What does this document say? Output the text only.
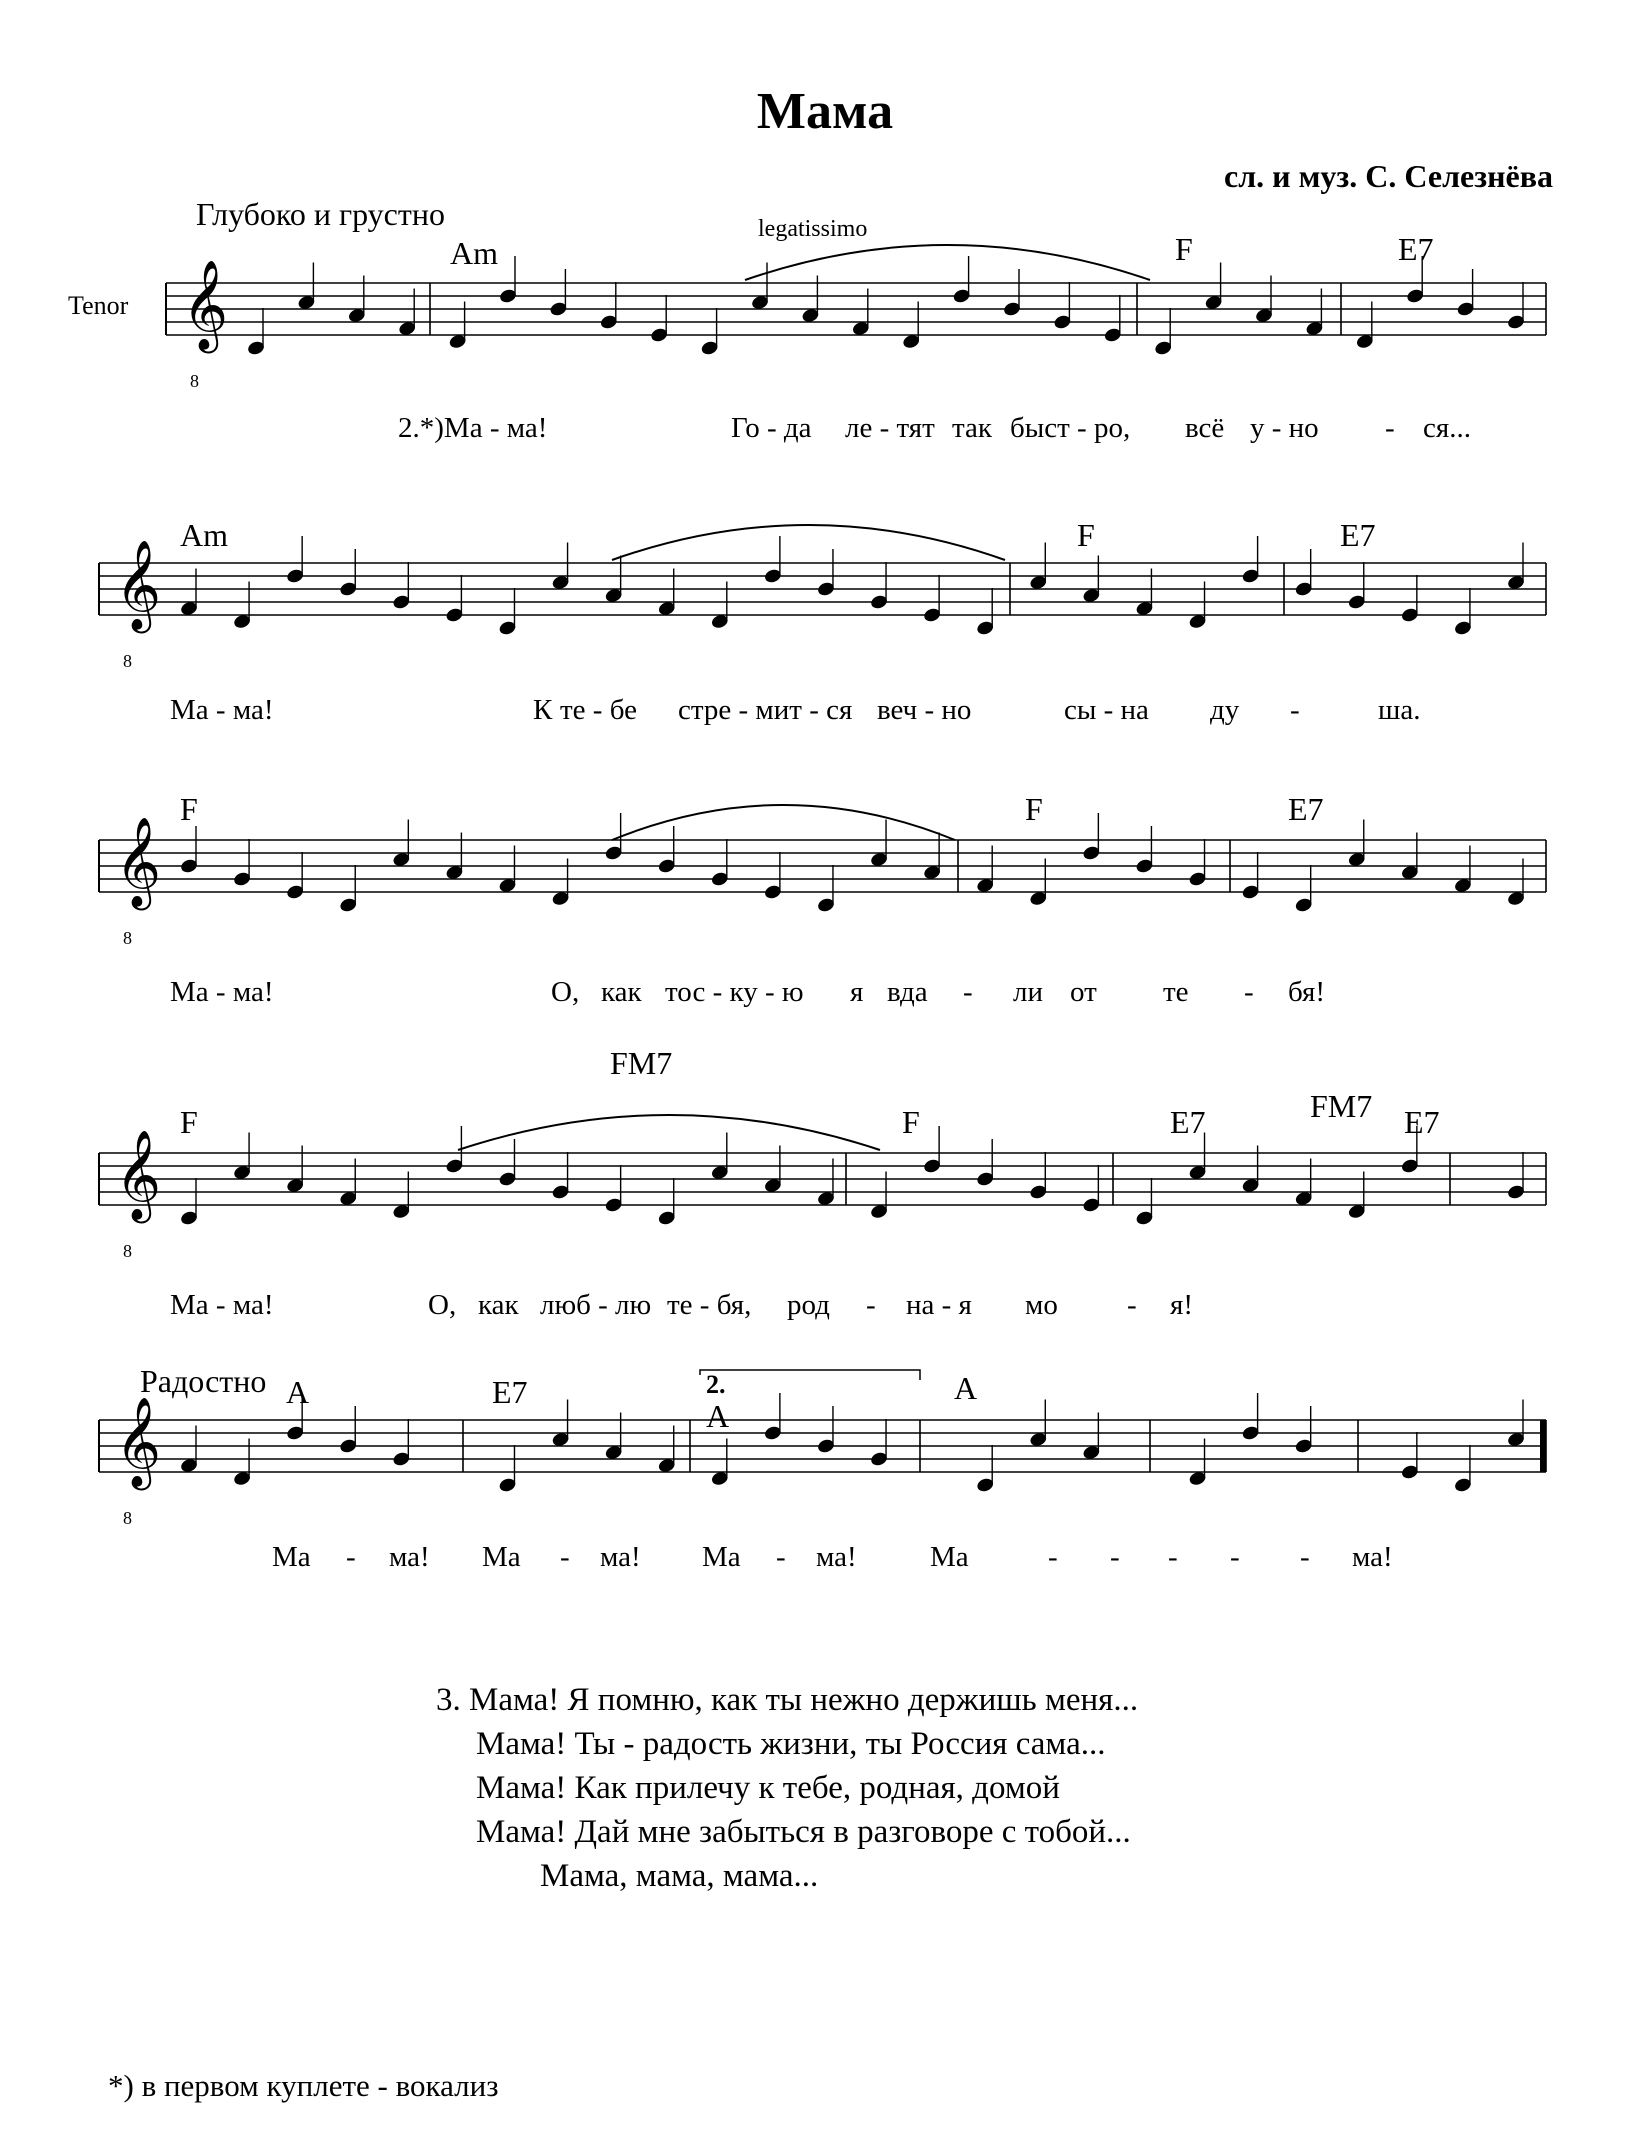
Мама
сл. и муз. С. Селезнёва
Глубоко и грустно
Радостно
Tenor
legatissimo
Am	F	E7
Am	F	E7
F	F	E7
F
FM7
F	E7	FM7 E7
A	E7
A
A
2.
2.*)Ма - ма!	Го - да ле - тят так быст - ро, всё у - но - ся...
Ма - ма!	К те - бе стре - мит - ся веч - но	сы - на ду -	ша.
Ма - ма!	О, как тос - ку - ю я вда - ли от те - бя!
Ма - ма!	О, как люб - лю те - бя, род - на - я мо - я!
Ма - ма! Ма - ма! Ма - ма!	Ма	- - - - - ма!
3. Мама! Я помню, как ты нежно держишь меня...
Мама! Ты - радость жизни, ты Россия сама...
Мама! Как прилечу к тебе, родная, домой
Мама! Дай мне забыться в разговоре с тобой...
Мама, мама, мама...
*) в первом куплете - вокализ
𝄞
8
𝄞
8
𝄞
8
𝄞
8
𝄞
8
